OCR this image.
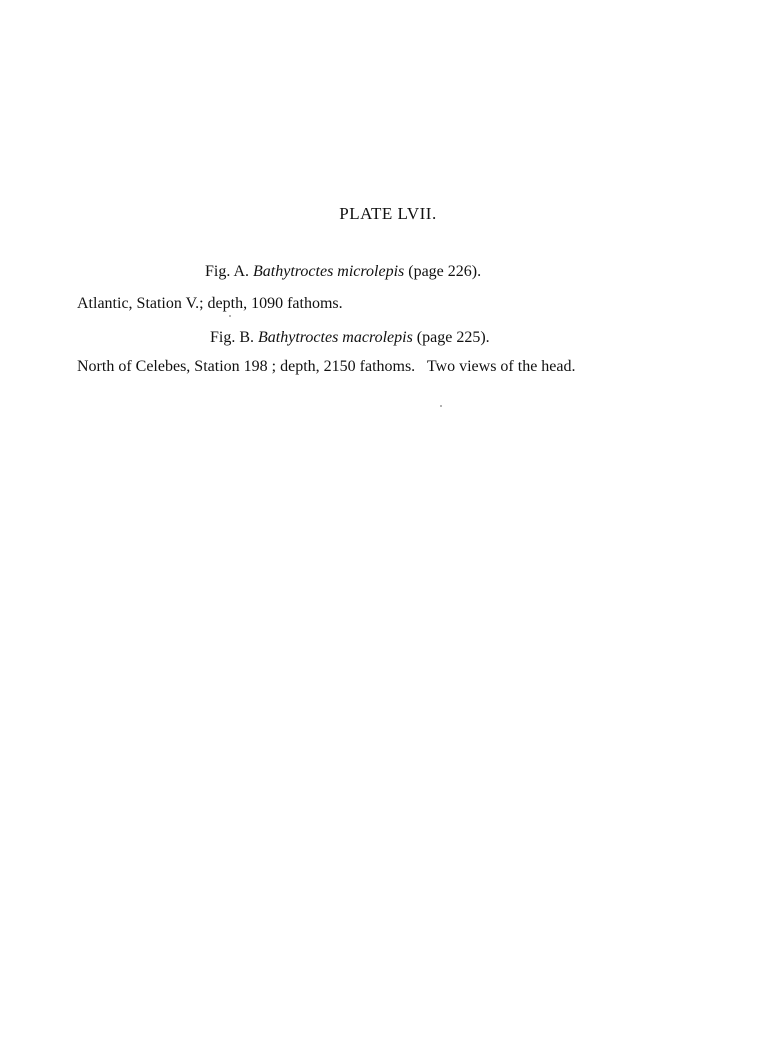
PLATE LVII.
Fig. A. Bathytroctes microlepis (page 226).
Atlantic, Station V.; depth, 1090 fathoms.
Fig. B. Bathytroctes macrolepis (page 225).
North of Celebes, Station 198 ; depth, 2150 fathoms.   Two views of the head.
